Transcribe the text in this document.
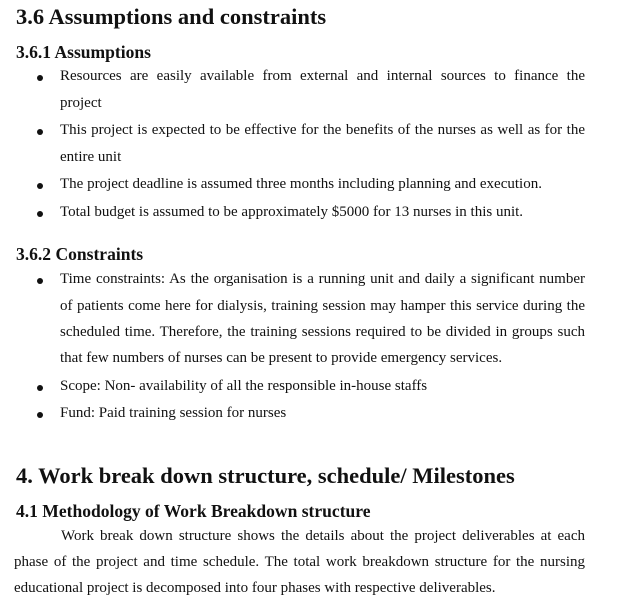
3.6 Assumptions and constraints
3.6.1 Assumptions
Resources are easily available from external and internal sources to finance the
project
This project is expected to be effective for the benefits of the nurses as well as for the
entire unit
The project deadline is assumed three months including planning and execution.
Total budget is assumed to be approximately $5000 for 13 nurses in this unit.
3.6.2 Constraints
Time constraints: As the organisation is a running unit and daily a significant number
of patients come here for dialysis, training session may hamper this service during the
scheduled time. Therefore, the training sessions required to be divided in groups such
that few numbers of nurses can be present to provide emergency services.
Scope: Non- availability of all the responsible in-house staffs
Fund: Paid training session for nurses
4. Work break down structure, schedule/ Milestones
4.1 Methodology of Work Breakdown structure
Work break down structure shows the details about the project deliverables at each
phase of the project and time schedule. The total work breakdown structure for the nursing
educational project is decomposed into four phases with respective deliverables.
